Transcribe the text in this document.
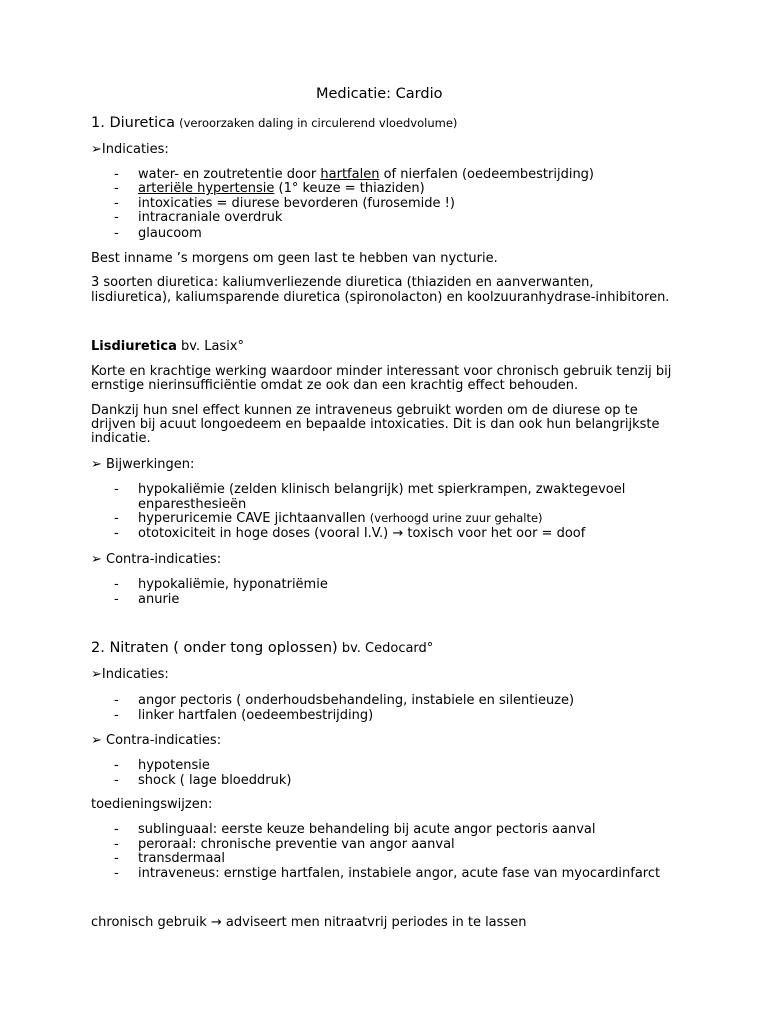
Medicatie: Cardio
1. Diuretica (veroorzaken daling in circulerend vloedvolume)
➢Indicaties:
- water- en zoutretentie door hartfalen of nierfalen (oedeembestrijding)
- arteriële hypertensie (1° keuze = thiaziden)
- intoxicaties = diurese bevorderen (furosemide !)
- intracraniale overdruk
- glaucoom
Best inname ’s morgens om geen last te hebben van nycturie.
3 soorten diuretica: kaliumverliezende diuretica (thiaziden en aanverwanten,
lisdiuretica), kaliumsparende diuretica (spironolacton) en koolzuuranhydrase-inhibitoren.
Lisdiuretica bv. Lasix°
Korte en krachtige werking waardoor minder interessant voor chronisch gebruik tenzij bij
ernstige nierinsufficiëntie omdat ze ook dan een krachtig effect behouden.
Dankzij hun snel effect kunnen ze intraveneus gebruikt worden om de diurese op te
drijven bij acuut longoedeem en bepaalde intoxicaties. Dit is dan ook hun belangrijkste
indicatie.
➢ Bijwerkingen:
- hypokaliëmie (zelden klinisch belangrijk) met spierkrampen, zwaktegevoel
enparesthesieën
- hyperuricemie CAVE jichtaanvallen (verhoogd urine zuur gehalte)
- ototoxiciteit in hoge doses (vooral I.V.) → toxisch voor het oor = doof
➢ Contra-indicaties:
- hypokaliëmie, hyponatriëmie
- anurie
2. Nitraten ( onder tong oplossen) bv. Cedocard°
➢Indicaties:
- angor pectoris ( onderhoudsbehandeling, instabiele en silentieuze)
- linker hartfalen (oedeembestrijding)
➢ Contra-indicaties:
- hypotensie
- shock ( lage bloeddruk)
toedieningswijzen:
- sublinguaal: eerste keuze behandeling bij acute angor pectoris aanval
- peroraal: chronische preventie van angor aanval
- transdermaal
- intraveneus: ernstige hartfalen, instabiele angor, acute fase van myocardinfarct
chronisch gebruik → adviseert men nitraatvrij periodes in te lassen
